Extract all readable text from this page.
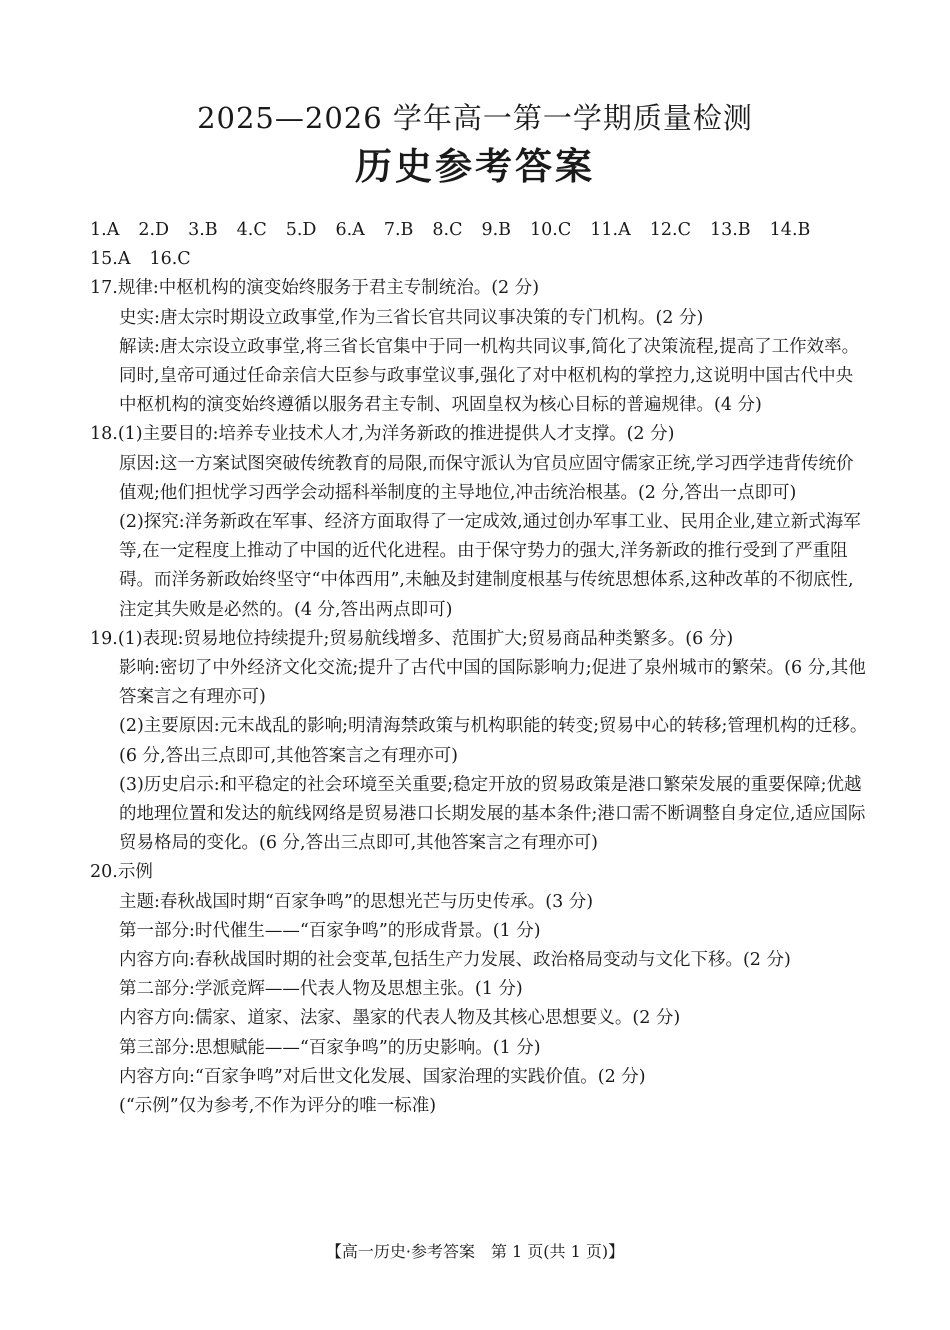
2025—2026 学年高一第一学期质量检测
历史参考答案

1.A 2.D 3.B 4.C 5.D 6.A 7.B 8.C 9.B 10.C 11.A 12.C 13.B 14.B
15.A 16.C

17.规律:中枢机构的演变始终服务于君主专制统治。(2 分)

史实:唐太宗时期设立政事堂,作为三省长官共同议事决策的专门机构。(2 分)

解读:唐太宗设立政事堂,将三省长官集中于同一机构共同议事,简化了决策流程,提高了工作效率。同时,皇帝可通过任命亲信大臣参与政事堂议事,强化了对中枢机构的掌控力,这说明中国古代中央中枢机构的演变始终遵循以服务君主专制、巩固皇权为核心目标的普遍规律。(4 分)

18.(1)主要目的:培养专业技术人才,为洋务新政的推进提供人才支撑。(2 分)

原因:这一方案试图突破传统教育的局限,而保守派认为官员应固守儒家正统,学习西学违背传统价值观;他们担忧学习西学会动摇科举制度的主导地位,冲击统治根基。(2 分,答出一点即可)

(2)探究:洋务新政在军事、经济方面取得了一定成效,通过创办军事工业、民用企业,建立新式海军等,在一定程度上推动了中国的近代化进程。由于保守势力的强大,洋务新政的推行受到了严重阻碍。而洋务新政始终坚守“中体西用”,未触及封建制度根基与传统思想体系,这种改革的不彻底性,注定其失败是必然的。(4 分,答出两点即可)

19.(1)表现:贸易地位持续提升;贸易航线增多、范围扩大;贸易商品种类繁多。(6 分)

影响:密切了中外经济文化交流;提升了古代中国的国际影响力;促进了泉州城市的繁荣。(6 分,其他答案言之有理亦可)

(2)主要原因:元末战乱的影响;明清海禁政策与机构职能的转变;贸易中心的转移;管理机构的迁移。(6 分,答出三点即可,其他答案言之有理亦可)

(3)历史启示:和平稳定的社会环境至关重要;稳定开放的贸易政策是港口繁荣发展的重要保障;优越的地理位置和发达的航线网络是贸易港口长期发展的基本条件;港口需不断调整自身定位,适应国际贸易格局的变化。(6 分,答出三点即可,其他答案言之有理亦可)

20.示例

主题:春秋战国时期“百家争鸣”的思想光芒与历史传承。(3 分)

第一部分:时代催生——“百家争鸣”的形成背景。(1 分)

内容方向:春秋战国时期的社会变革,包括生产力发展、政治格局变动与文化下移。(2 分)

第二部分:学派竞辉——代表人物及思想主张。(1 分)

内容方向:儒家、道家、法家、墨家的代表人物及其核心思想要义。(2 分)

第三部分:思想赋能——“百家争鸣”的历史影响。(1 分)

内容方向:“百家争鸣”对后世文化发展、国家治理的实践价值。(2 分)

(“示例”仅为参考,不作为评分的唯一标准)

【高一历史·参考答案　第 1 页(共 1 页)】
